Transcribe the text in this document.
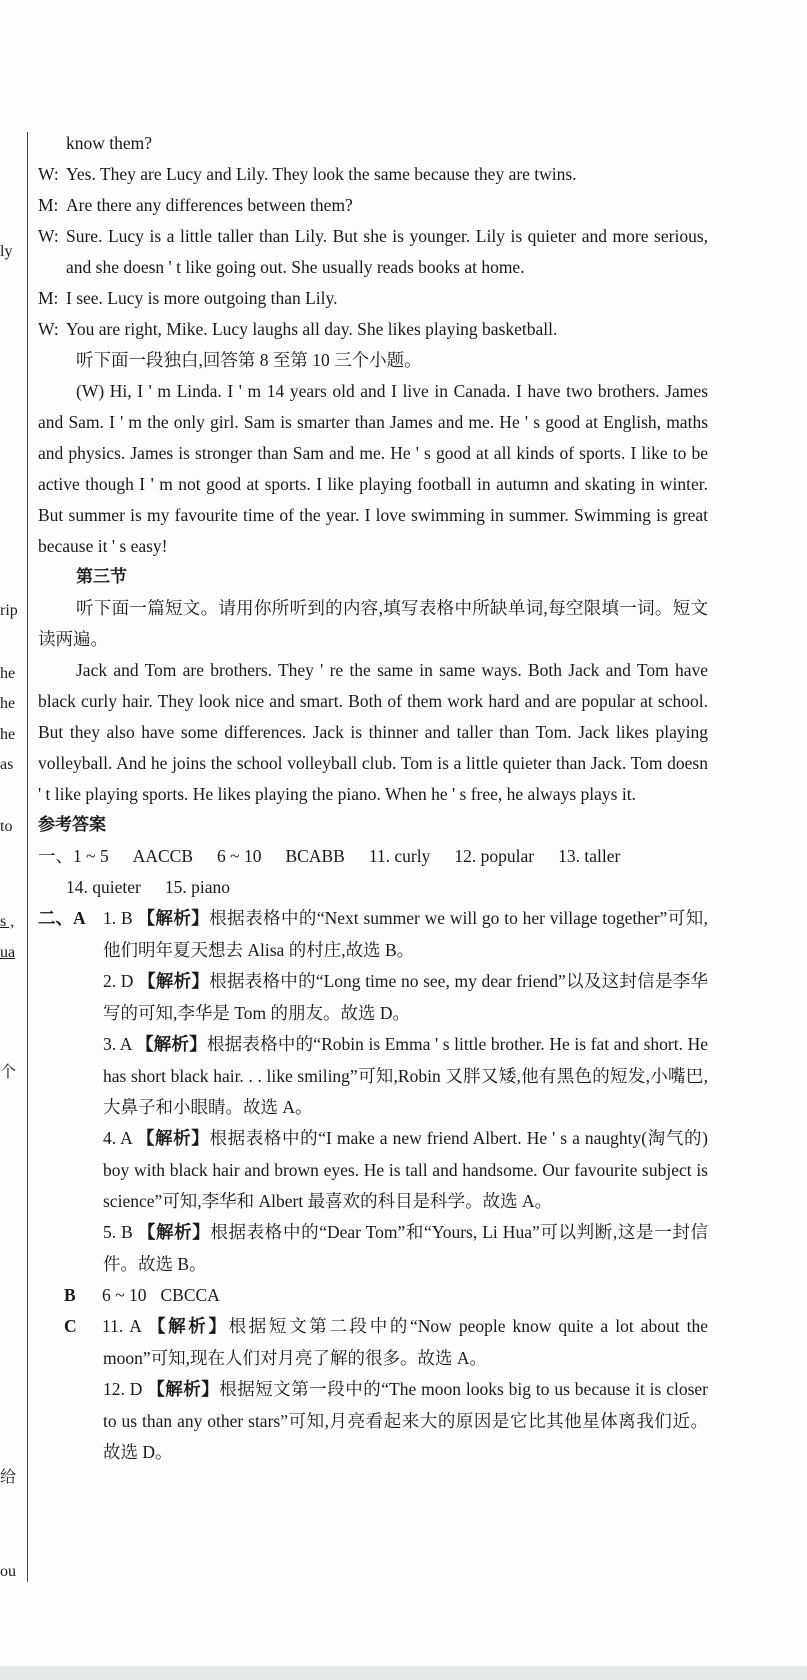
ly
rip
he
he
he
as
to
s ,
ua
个
给
ou

know them?

W: Yes. They are Lucy and Lily. They look the same because they are twins.

M: Are there any differences between them?

W: Sure. Lucy is a little taller than Lily. But she is younger. Lily is quieter and more serious, and she doesn ' t like going out. She usually reads books at home.

M: I see. Lucy is more outgoing than Lily.

W: You are right, Mike. Lucy laughs all day. She likes playing basketball.

听下面一段独白,回答第 8 至第 10 三个小题。

(W) Hi, I ' m Linda. I ' m 14 years old and I live in Canada. I have two brothers. James and Sam. I ' m the only girl. Sam is smarter than James and me. He ' s good at English, maths and physics. James is stronger than Sam and me. He ' s good at all kinds of sports. I like to be active though I ' m not good at sports. I like playing football in autumn and skating in winter. But summer is my favourite time of the year. I love swimming in summer. Swimming is great because it ' s easy!

第三节

听下面一篇短文。请用你所听到的内容,填写表格中所缺单词,每空限填一词。短文读两遍。

Jack and Tom are brothers. They ' re the same in same ways. Both Jack and Tom have black curly hair. They look nice and smart. Both of them work hard and are popular at school. But they also have some differences. Jack is thinner and taller than Tom. Jack likes playing volleyball. And he joins the school volleyball club. Tom is a little quieter than Jack. Tom doesn ' t like playing sports. He likes playing the piano. When he ' s free, he always plays it.

参考答案

一、1 ~ 5 AACCB 6 ~ 10 BCABB 11. curly 12. popular 13. taller

14. quieter 15. piano

二、A 1. B 【解析】根据表格中的“Next summer we will go to her village together”可知,他们明年夏天想去 Alisa 的村庄,故选 B。

2. D 【解析】根据表格中的“Long time no see, my dear friend”以及这封信是李华写的可知,李华是 Tom 的朋友。故选 D。

3. A 【解析】根据表格中的“Robin is Emma ' s little brother. He is fat and short. He has short black hair. . . like smiling”可知,Robin 又胖又矮,他有黑色的短发,小嘴巴,大鼻子和小眼睛。故选 A。

4. A 【解析】根据表格中的“I make a new friend Albert. He ' s a naughty(淘气的) boy with black hair and brown eyes. He is tall and handsome. Our favourite subject is science”可知,李华和 Albert 最喜欢的科目是科学。故选 A。

5. B 【解析】根据表格中的“Dear Tom”和“Yours, Li Hua”可以判断,这是一封信件。故选 B。

B 6 ~ 10 CBCCA

C 11. A 【解析】根据短文第二段中的“Now people know quite a lot about the moon”可知,现在人们对月亮了解的很多。故选 A。

12. D 【解析】根据短文第一段中的“The moon looks big to us because it is closer to us than any other stars”可知,月亮看起来大的原因是它比其他星体离我们近。故选 D。
